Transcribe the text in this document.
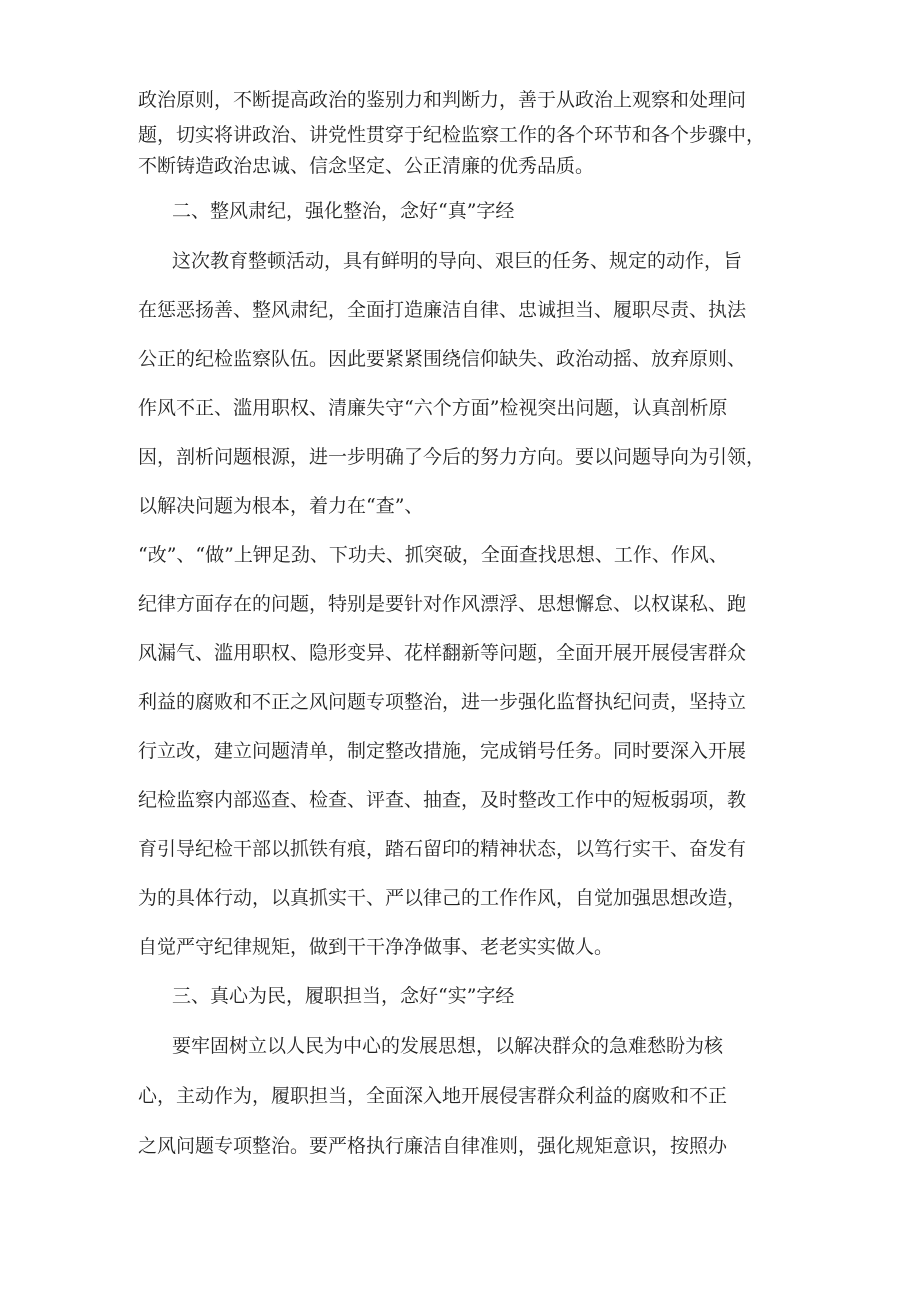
政治原则，不断提高政治的鉴别力和判断力，善于从政治上观察和处理问
题，切实将讲政治、讲党性贯穿于纪检监察工作的各个环节和各个步骤中，
不断铸造政治忠诚、信念坚定、公正清廉的优秀品质。
二、整风肃纪，强化整治，念好“真”字经
这次教育整顿活动，具有鲜明的导向、艰巨的任务、规定的动作，旨
在惩恶扬善、整风肃纪，全面打造廉洁自律、忠诚担当、履职尽责、执法
公正的纪检监察队伍。因此要紧紧围绕信仰缺失、政治动摇、放弃原则、
作风不正、滥用职权、清廉失守“六个方面”检视突出问题，认真剖析原
因，剖析问题根源，进一步明确了今后的努力方向。要以问题导向为引领，
以解决问题为根本，着力在“查”、
“改”、“做”上钾足劲、下功夫、抓突破，全面查找思想、工作、作风、
纪律方面存在的问题，特别是要针对作风漂浮、思想懈怠、以权谋私、跑
风漏气、滥用职权、隐形变异、花样翻新等问题，全面开展开展侵害群众
利益的腐败和不正之风问题专项整治，进一步强化监督执纪问责，坚持立
行立改，建立问题清单，制定整改措施，完成销号任务。同时要深入开展
纪检监察内部巡查、检查、评查、抽查，及时整改工作中的短板弱项，教
育引导纪检干部以抓铁有痕，踏石留印的精神状态，以笃行实干、奋发有
为的具体行动，以真抓实干、严以律己的工作作风，自觉加强思想改造，
自觉严守纪律规矩，做到干干净净做事、老老实实做人。
三、真心为民，履职担当，念好“实”字经
要牢固树立以人民为中心的发展思想，以解决群众的急难愁盼为核
心，主动作为，履职担当，全面深入地开展侵害群众利益的腐败和不正
之风问题专项整治。要严格执行廉洁自律准则，强化规矩意识，按照办
